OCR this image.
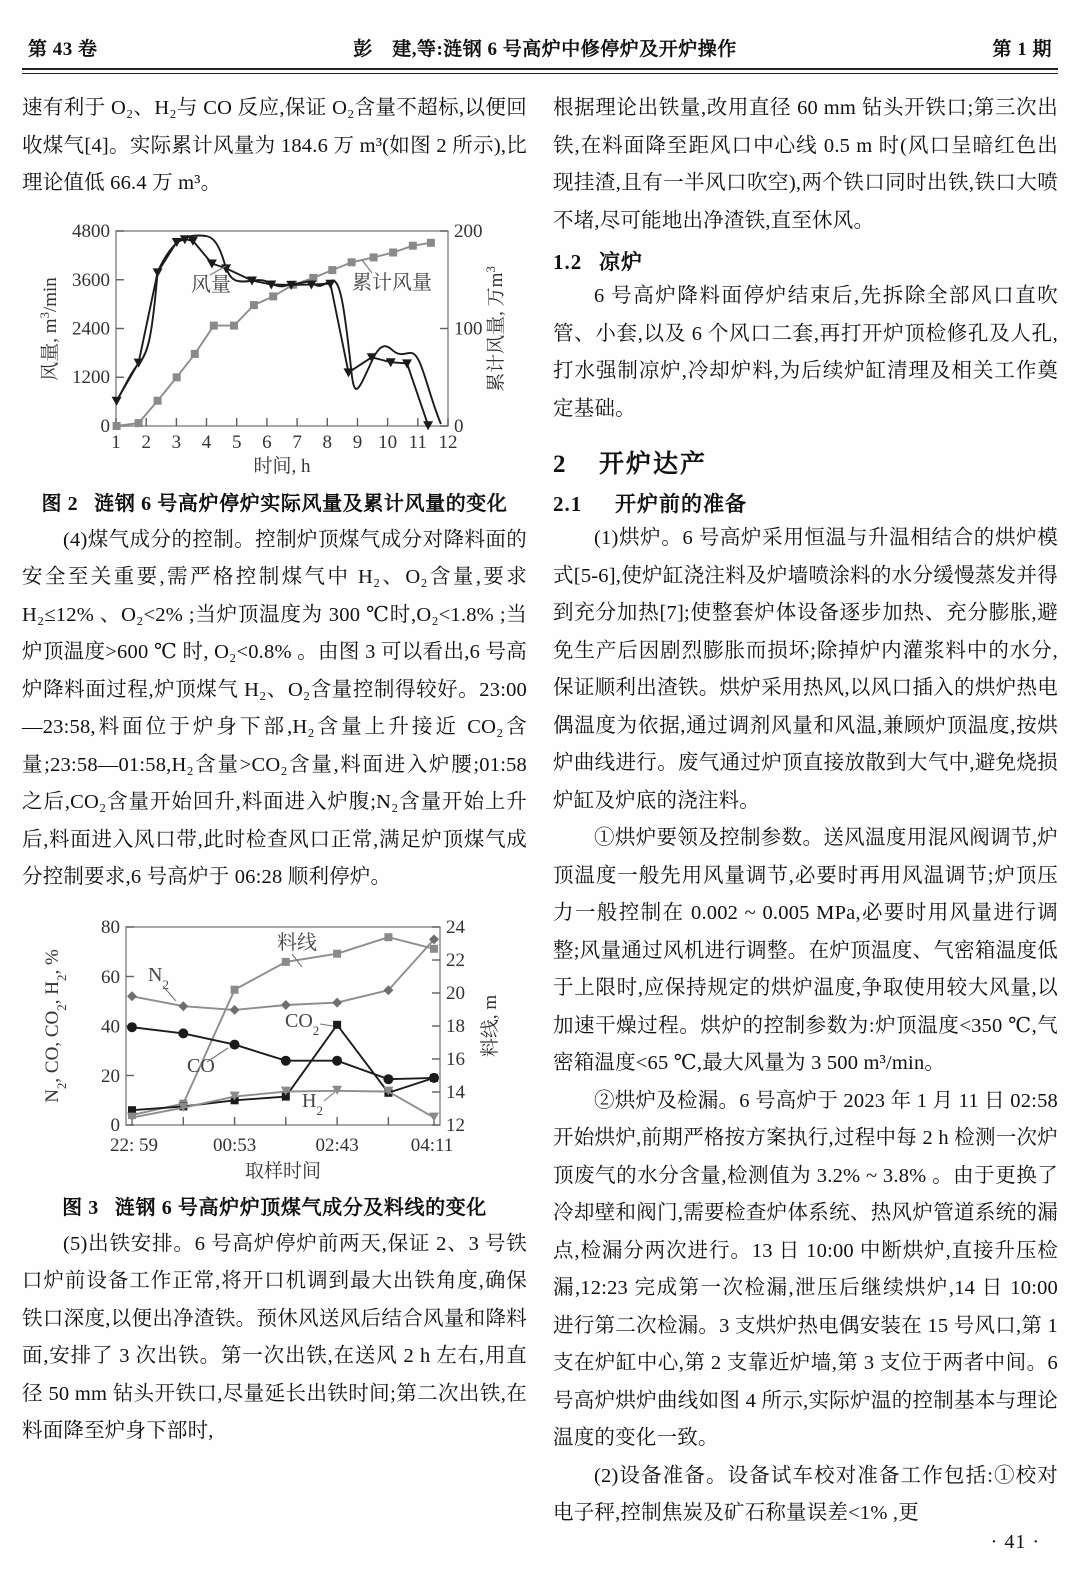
第 43 卷	彭　建,等:涟钢 6 号高炉中修停炉及开炉操作	第 1 期

速有利于 O₂、H₂与 CO 反应,保证 O₂含量不超标,以便回收煤气[4]。实际累计风量为 184.6 万 m³(如图 2 所示),比理论值低 66.4 万 m³。

0
1200
2400
3600
4800
0
100
200
1 2 3 4 5 6 7 8 9 10 11 12
时间, h
风量, $m^3/\min$	累计风量, 万$m^3$
风量	累计风量
图 2 涟钢 6 号高炉停炉实际风量及累计风量的变化

(4)煤气成分的控制。控制炉顶煤气成分对降料面的安全至关重要,需严格控制煤气中 H₂、O₂含量,要求 H₂≤12% 、O₂<2% ;当炉顶温度为 300 ℃时,O₂<1.8% ;当炉顶温度>600 ℃ 时, O₂<0.8% 。由图 3 可以看出,6 号高炉降料面过程,炉顶煤气 H₂、O₂含量控制得较好。23:00—23:58,料面位于炉身下部,H₂含量上升接近 CO₂含量;23:58—01:58,H₂含量>CO₂含量,料面进入炉腰;01:58 之后,CO₂含量开始回升,料面进入炉腹;N₂含量开始上升后,料面进入风口带,此时检查风口正常,满足炉顶煤气成分控制要求,6 号高炉于 06:28 顺利停炉。

0
20
40
60
80
12
14
16
18
20
22
24
22: 59	00:53	02:43	04:11
取样时间
$N_2$, CO, $CO_2$, $H_2$, %
料线, m
料线
$N_2$
$CO_2$
CO
$H_2$
图 3 涟钢 6 号高炉炉顶煤气成分及料线的变化

(5)出铁安排。6 号高炉停炉前两天,保证 2、3 号铁口炉前设备工作正常,将开口机调到最大出铁角度,确保铁口深度,以便出净渣铁。预休风送风后结合风量和降料面,安排了 3 次出铁。第一次出铁,在送风 2 h 左右,用直径 50 mm 钻头开铁口,尽量延长出铁时间;第二次出铁,在料面降至炉身下部时,

根据理论出铁量,改用直径 60 mm 钻头开铁口;第三次出铁,在料面降至距风口中心线 0.5 m 时(风口呈暗红色出现挂渣,且有一半风口吹空),两个铁口同时出铁,铁口大喷不堵,尽可能地出净渣铁,直至休风。

1.2 凉炉

6 号高炉降料面停炉结束后,先拆除全部风口直吹管、小套,以及 6 个风口二套,再打开炉顶检修孔及人孔,打水强制凉炉,冷却炉料,为后续炉缸清理及相关工作奠定基础。

2 开炉达产
2.1 开炉前的准备

(1)烘炉。6 号高炉采用恒温与升温相结合的烘炉模式[5-6],使炉缸浇注料及炉墙喷涂料的水分缓慢蒸发并得到充分加热[7];使整套炉体设备逐步加热、充分膨胀,避免生产后因剧烈膨胀而损坏;除掉炉内灌浆料中的水分,保证顺利出渣铁。烘炉采用热风,以风口插入的烘炉热电偶温度为依据,通过调剂风量和风温,兼顾炉顶温度,按烘炉曲线进行。废气通过炉顶直接放散到大气中,避免烧损炉缸及炉底的浇注料。

①烘炉要领及控制参数。送风温度用混风阀调节,炉顶温度一般先用风量调节,必要时再用风温调节;炉顶压力一般控制在 0.002 ~ 0.005 MPa,必要时用风量进行调整;风量通过风机进行调整。在炉顶温度、气密箱温度低于上限时,应保持规定的烘炉温度,争取使用较大风量,以加速干燥过程。烘炉的控制参数为:炉顶温度<350 ℃,气密箱温度<65 ℃,最大风量为 3 500 m³/min。

②烘炉及检漏。6 号高炉于 2023 年 1 月 11 日 02:58 开始烘炉,前期严格按方案执行,过程中每 2 h 检测一次炉顶废气的水分含量,检测值为 3.2% ~ 3.8% 。由于更换了冷却壁和阀门,需要检查炉体系统、热风炉管道系统的漏点,检漏分两次进行。13 日 10:00 中断烘炉,直接升压检漏,12:23 完成第一次检漏,泄压后继续烘炉,14 日 10:00 进行第二次检漏。3 支烘炉热电偶安装在 15 号风口,第 1 支在炉缸中心,第 2 支靠近炉墙,第 3 支位于两者中间。6 号高炉烘炉曲线如图 4 所示,实际炉温的控制基本与理论温度的变化一致。

(2)设备准备。设备试车校对准备工作包括:①校对电子秤,控制焦炭及矿石称量误差<1% ,更

· 41 ·
